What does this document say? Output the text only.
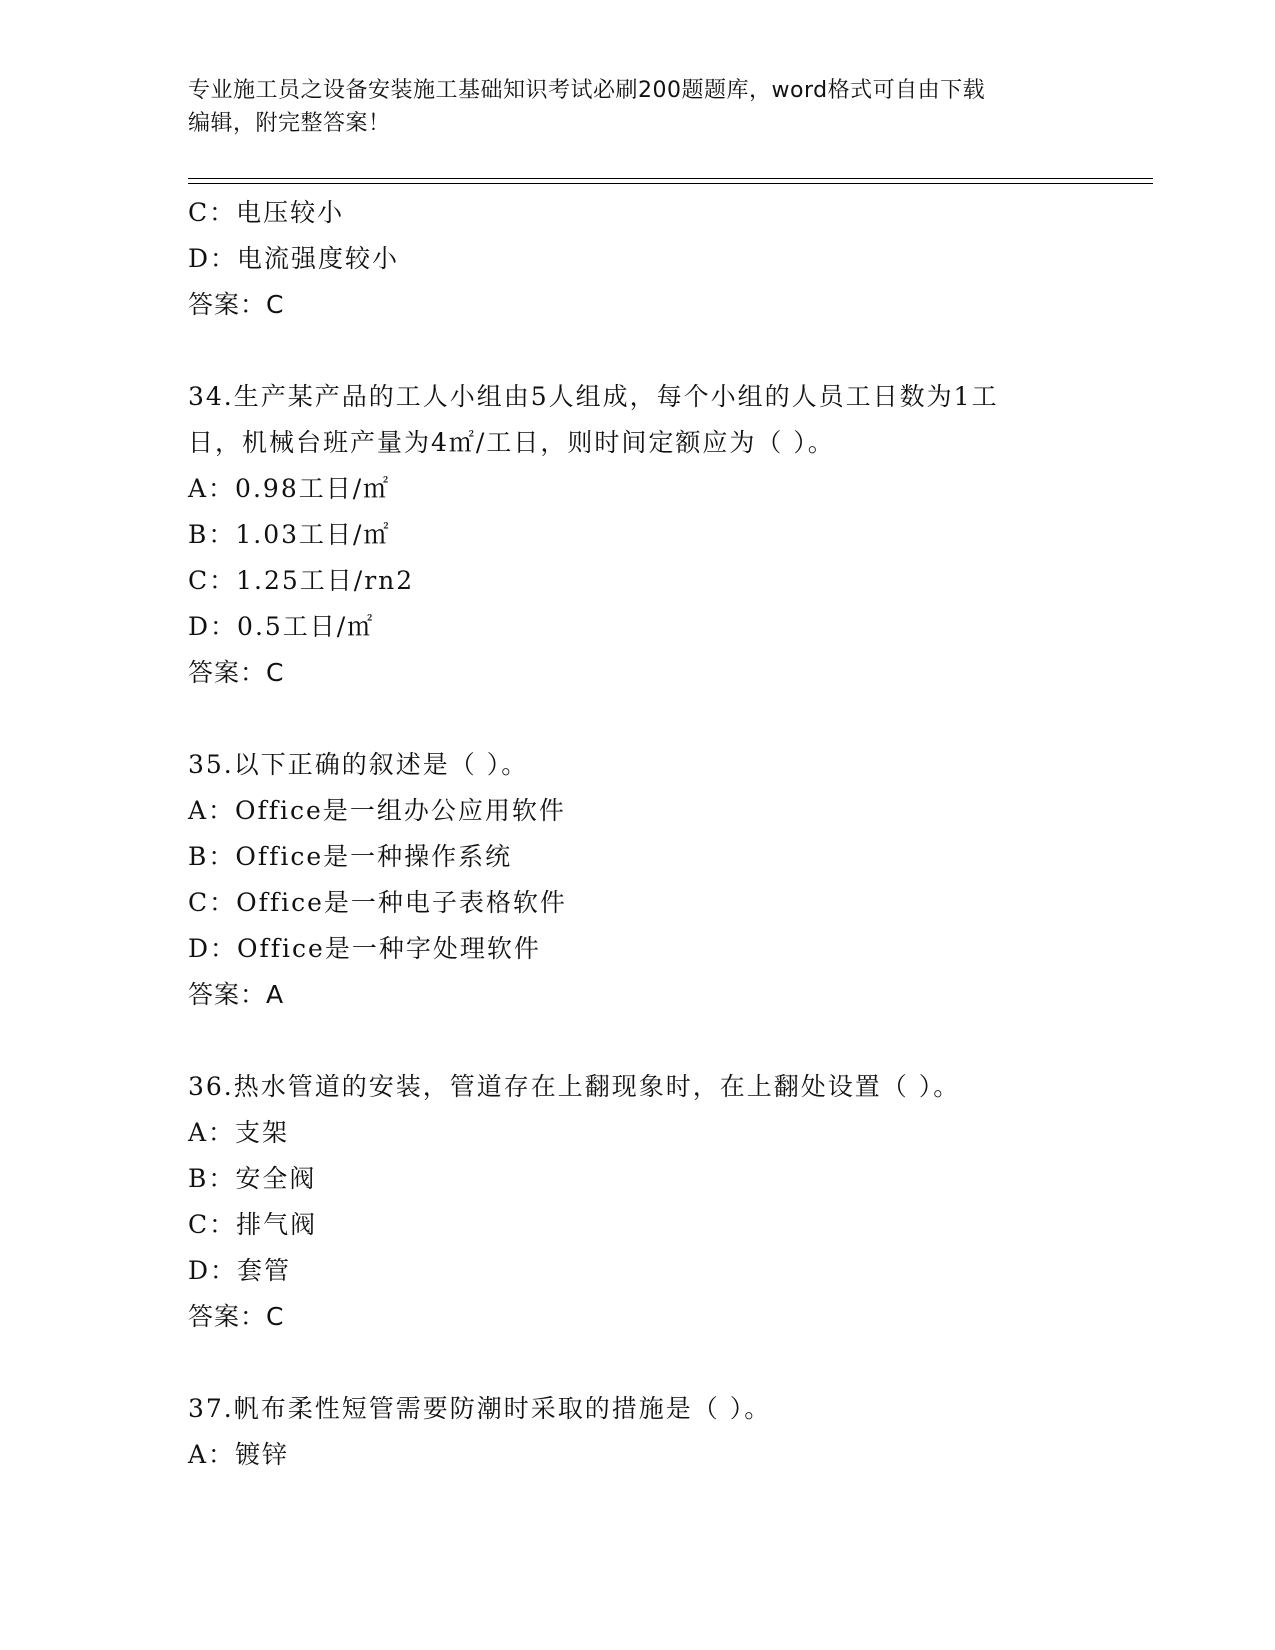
专业施工员之设备安装施工基础知识考试必刷200题题库，word格式可自由下载
编辑，附完整答案！
C：电压较小
D：电流强度较小
答案：C
34.生产某产品的工人小组由5人组成，每个小组的人员工日数为1工
日，机械台班产量为4㎡/工日，则时间定额应为（ ）。
A：0.98工日/㎡
B：1.03工日/㎡
C：1.25工日/rn2
D：0.5工日/㎡
答案：C
35.以下正确的叙述是（ ）。
A：Office是一组办公应用软件
B：Office是一种操作系统
C：Office是一种电子表格软件
D：Office是一种字处理软件
答案：A
36.热水管道的安装，管道存在上翻现象时，在上翻处设置（ ）。
A：支架
B：安全阀
C：排气阀
D：套管
答案：C
37.帆布柔性短管需要防潮时采取的措施是（ ）。
A：镀锌
